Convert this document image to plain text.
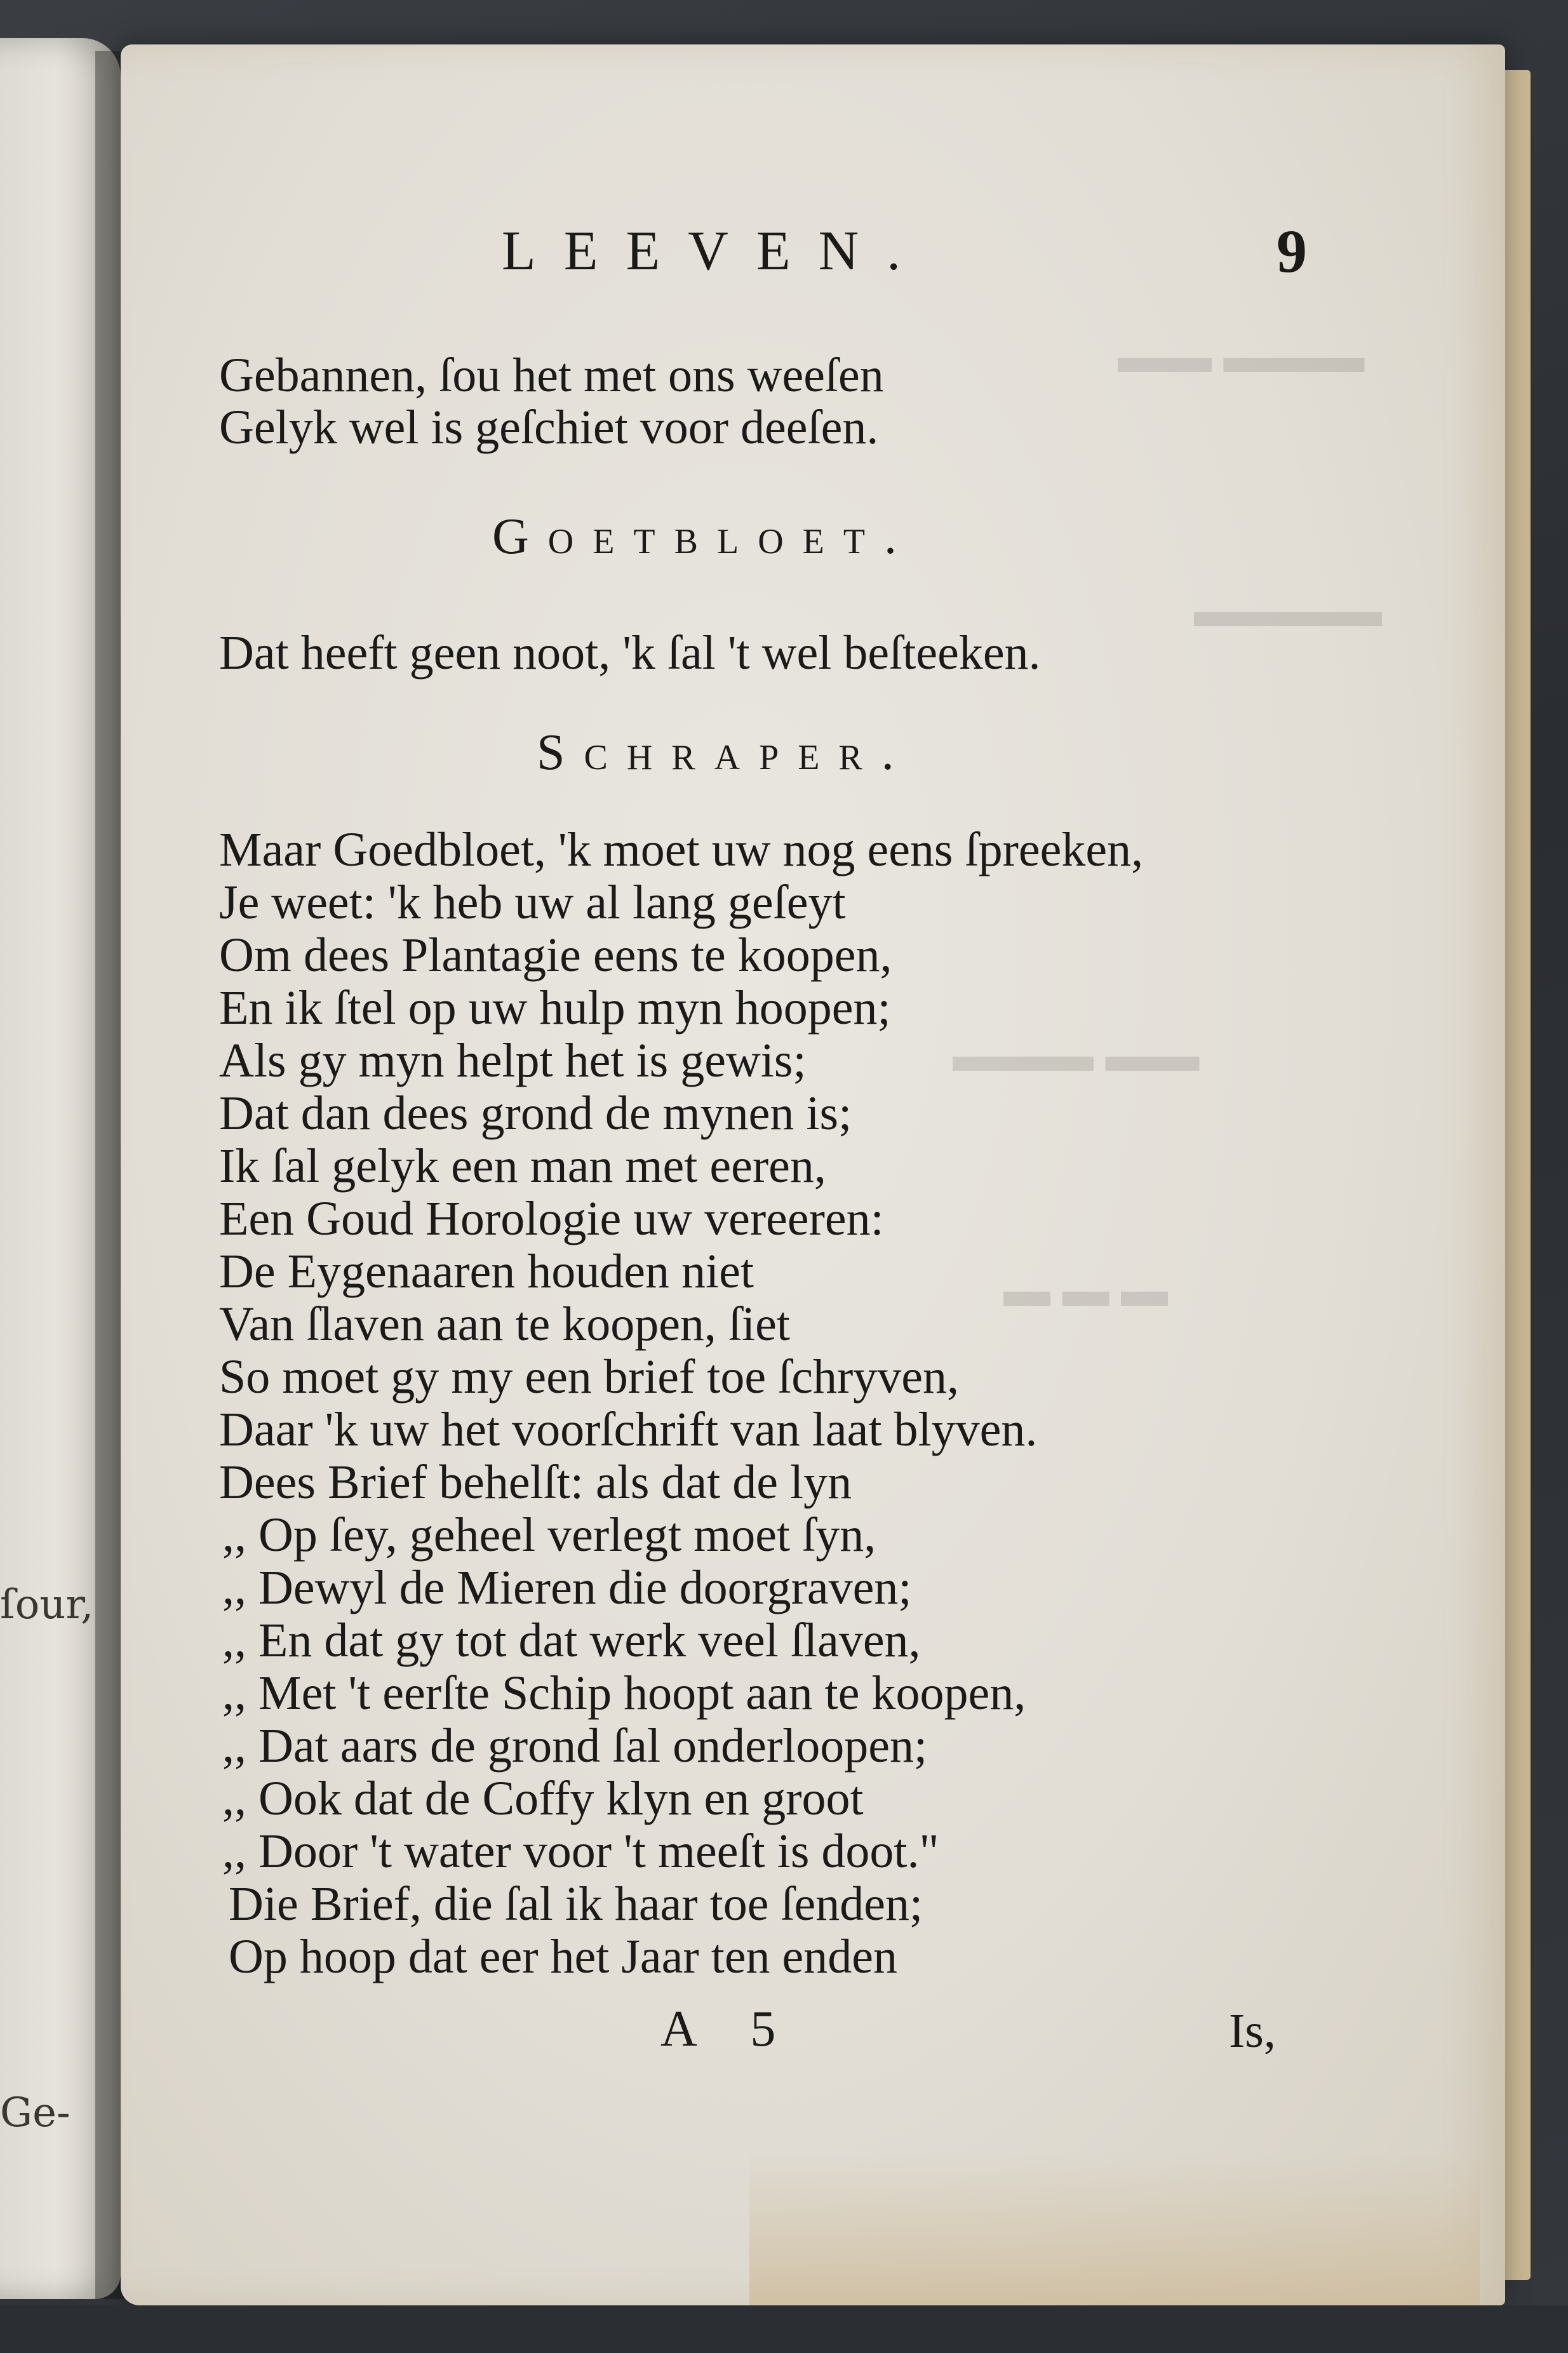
ſour,
Ge-
▬▬ ▬▬▬
▬▬▬▬
▬▬▬ ▬▬
▬ ▬ ▬
LEEVEN.	9
Gebannen, ſou het met ons weeſen
Gelyk wel is geſchiet voor deeſen.
Goetbloet.
Dat heeft geen noot, 'k ſal 't wel beſteeken.
Schraper.
Maar Goedbloet, 'k moet uw nog eens ſpreeken,
Je weet: 'k heb uw al lang geſeyt
Om dees Plantagie eens te koopen,
En ik ſtel op uw hulp myn hoopen;
Als gy myn helpt het is gewis;
Dat dan dees grond de mynen is;
Ik ſal gelyk een man met eeren,
Een Goud Horologie uw vereeren:
De Eygenaaren houden niet
Van ſlaven aan te koopen, ſiet
So moet gy my een brief toe ſchryven,
Daar 'k uw het voorſchrift van laat blyven.
Dees Brief behelſt: als dat de lyn
,, Op ſey, geheel verlegt moet ſyn,
,, Dewyl de Mieren die doorgraven;
,, En dat gy tot dat werk veel ſlaven,
,, Met 't eerſte Schip hoopt aan te koopen,
,, Dat aars de grond ſal onderloopen;
,, Ook dat de Coffy klyn en groot
,, Door 't water voor 't meeſt is doot."
Die Brief, die ſal ik haar toe ſenden;
Op hoop dat eer het Jaar ten enden
A 5	Is,
